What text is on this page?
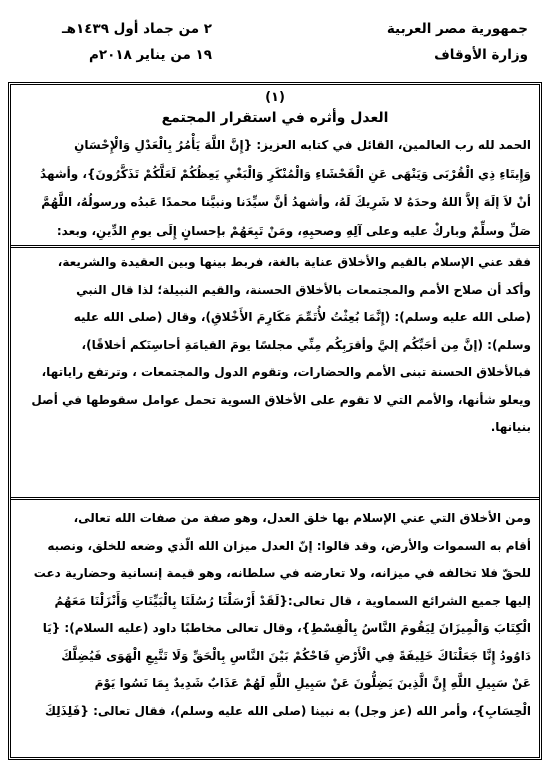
جمهورية مصر العربية
وزارة الأوقاف
٢ من جماد أول ١٤٣٩هـ
١٩ من يناير ٢٠١٨م
(١)
العدل وأثره في استقرار المجتمع
الحمد لله رب العالمين، القائل في كتابه العزيز: {إِنَّ اللَّهَ يَأْمُرُ بِالْعَدْلِ وَالْإِحْسَانِ
وَإِيتَاءِ ذِي الْقُرْبَى وَيَنْهَى عَنِ الْفَحْشَاءِ وَالْمُنْكَرِ وَالْبَغْيِ يَعِظُكُمْ لَعَلَّكُمْ تَذَكَّرُونَ}، وأشهدُ
أنْ لاَ إلَهَ إلاَّ اللهُ وحدَهُ لا شَرِيكَ لَهُ، وأشهدُ أنَّ سيِّدَنا ونبيَّنا محمدًا عَبدُه ورسولُهُ، اللَّهُمَّ
صَلِّ وسلِّمْ وباركْ عليه وعلى آلِهِ وصحبِهِ، ومَنْ تَبِعَهُمْ بإحسانٍ إِلَى يومِ الدِّينِ، وبعد:
فقد عني الإسلام بالقيم والأخلاق عناية بالغة، فربط بينها وبين العقيدة والشريعة،
وأكد أن صلاح الأمم والمجتمعات بالأخلاق الحسنة، والقيم النبيلة؛ لذا قال النبي
(صلى الله عليه وسلم): (إِنَّمَا بُعِثْتُ لأُتَمِّمَ مَكَارِمَ الأَخْلاقِ)، وقال (صلى الله عليه
وسلم): (إنَّ مِن أحَبِّكُم إليَّ وأقرَبِكُم مِنِّي مجلسًا يومَ القيامَةِ أحاسِنَكم أخلاقًا)،
فبالأخلاق الحسنة تبنى الأمم والحضارات، وتقوم الدول والمجتمعات ، وترتفع راياتها،
ويعلو شأنها، والأمم التي لا تقوم على الأخلاق السوية تحمل عوامل سقوطها في أصل
بنيانها.
ومن الأخلاق التي عني الإسلام بها خلق العدل، وهو صفة من صفات الله تعالى،
أقام به السموات والأرض، وقد قالوا: إنّ العدل ميزان الله الّذي وضعه للخلق، ونصبه
للحقّ فلا تخالفه في ميزانه، ولا تعارضه في سلطانه، وهو قيمة إنسانية وحضارية دعت
إليها جميع الشرائع السماوية ، قال تعالى:{لَقَدْ أَرْسَلْنَا رُسُلَنَا بِالْبَيِّنَاتِ وَأَنْزَلْنَا مَعَهُمُ
الْكِتَابَ وَالْمِيزَانَ لِيَقُومَ النَّاسُ بِالْقِسْطِ}، وقال تعالى مخاطبًا داود (عليه السلام): {يَا
دَاوُودُ إِنَّا جَعَلْنَاكَ خَلِيفَةً فِي الْأَرْضِ فَاحْكُمْ بَيْنَ النَّاسِ بِالْحَقِّ وَلَا تَتَّبِعِ الْهَوَى فَيُضِلَّكَ
عَنْ سَبِيلِ اللَّهِ إِنَّ الَّذِينَ يَضِلُّونَ عَنْ سَبِيلِ اللَّهِ لَهُمْ عَذَابٌ شَدِيدٌ بِمَا نَسُوا يَوْمَ
الْحِسَابِ}، وأمر الله (عز وجل) به نبينا (صلى الله عليه وسلم)، فقال تعالى: {فَلِذَلِكَ
